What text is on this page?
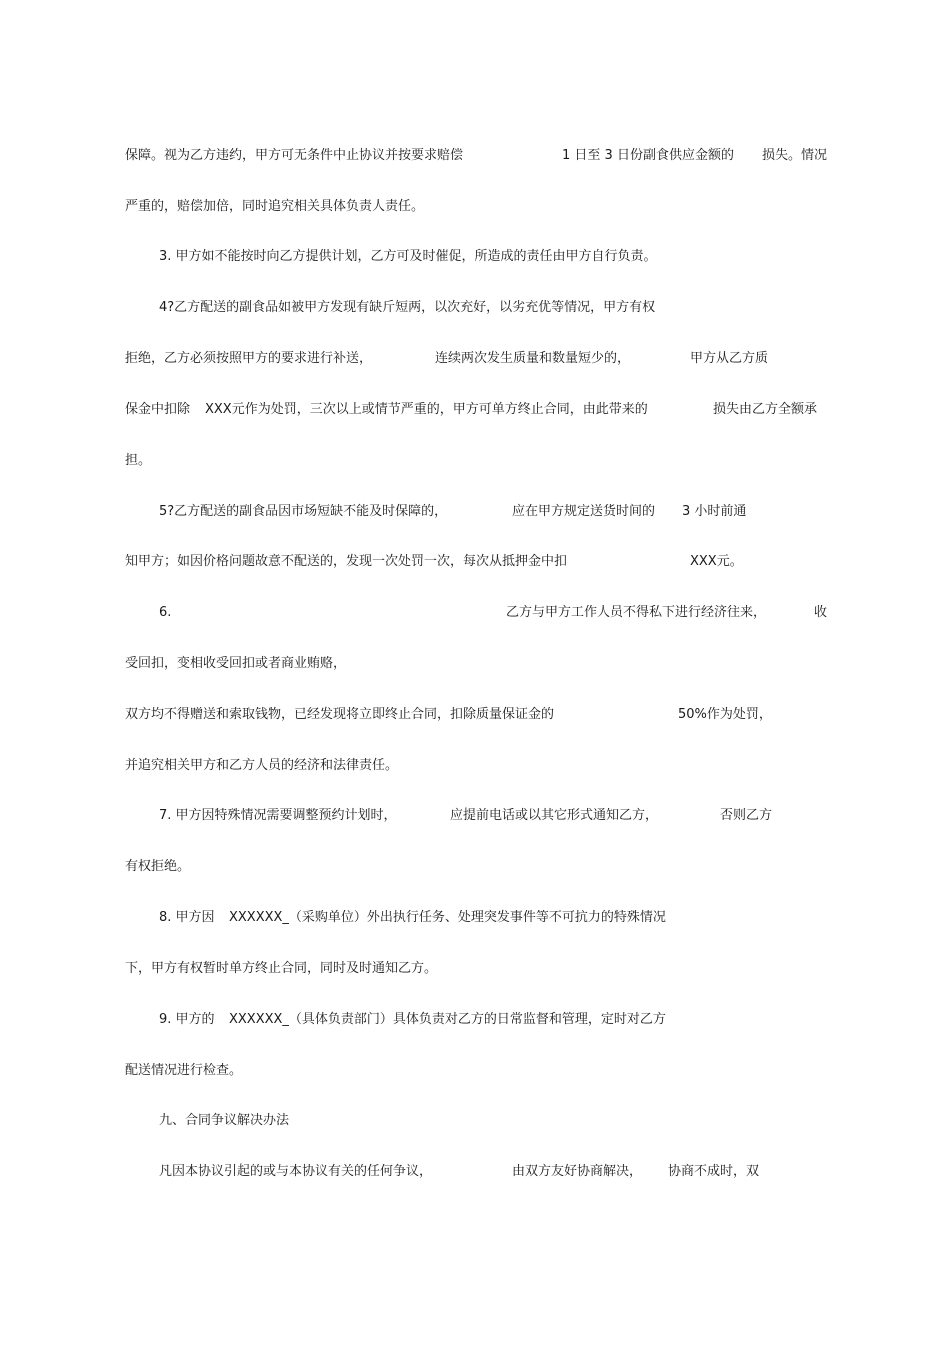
保障。视为乙方违约，甲方可无条件中止协议并按要求赔偿	1 日至 3 日份副食供应金额的 损失。情况
严重的，赔偿加倍，同时追究相关具体负责人责任。
3. 甲方如不能按时向乙方提供计划，乙方可及时催促，所造成的责任由甲方自行负责。
4?乙方配送的副食品如被甲方发现有缺斤短两，以次充好，以劣充优等情况，甲方有权
拒绝，乙方必须按照甲方的要求进行补送，	连续两次发生质量和数量短少的，	甲方从乙方质
保金中扣除 XXX元作为处罚，三次以上或情节严重的，甲方可单方终止合同，由此带来的	损失由乙方全额承
担。
5?乙方配送的副食品因市场短缺不能及时保障的，	应在甲方规定送货时间的 3 小时前通
知甲方；如因价格问题故意不配送的，发现一次处罚一次，每次从抵押金中扣	XXX元。
6.	乙方与甲方工作人员不得私下进行经济往来，	收
受回扣，变相收受回扣或者商业贿赂，
双方均不得赠送和索取钱物，已经发现将立即终止合同，扣除质量保证金的	50%作为处罚，
并追究相关甲方和乙方人员的经济和法律责任。
7. 甲方因特殊情况需要调整预约计划时，	应提前电话或以其它形式通知乙方，	否则乙方
有权拒绝。
8. 甲方因 XXXXXX_（采购单位）外出执行任务、处理突发事件等不可抗力的特殊情况
下，甲方有权暂时单方终止合同，同时及时通知乙方。
9. 甲方的 XXXXXX_（具体负责部门）具体负责对乙方的日常监督和管理，定时对乙方
配送情况进行检查。
九、合同争议解决办法
凡因本协议引起的或与本协议有关的任何争议，	由双方友好协商解决， 协商不成时，双
